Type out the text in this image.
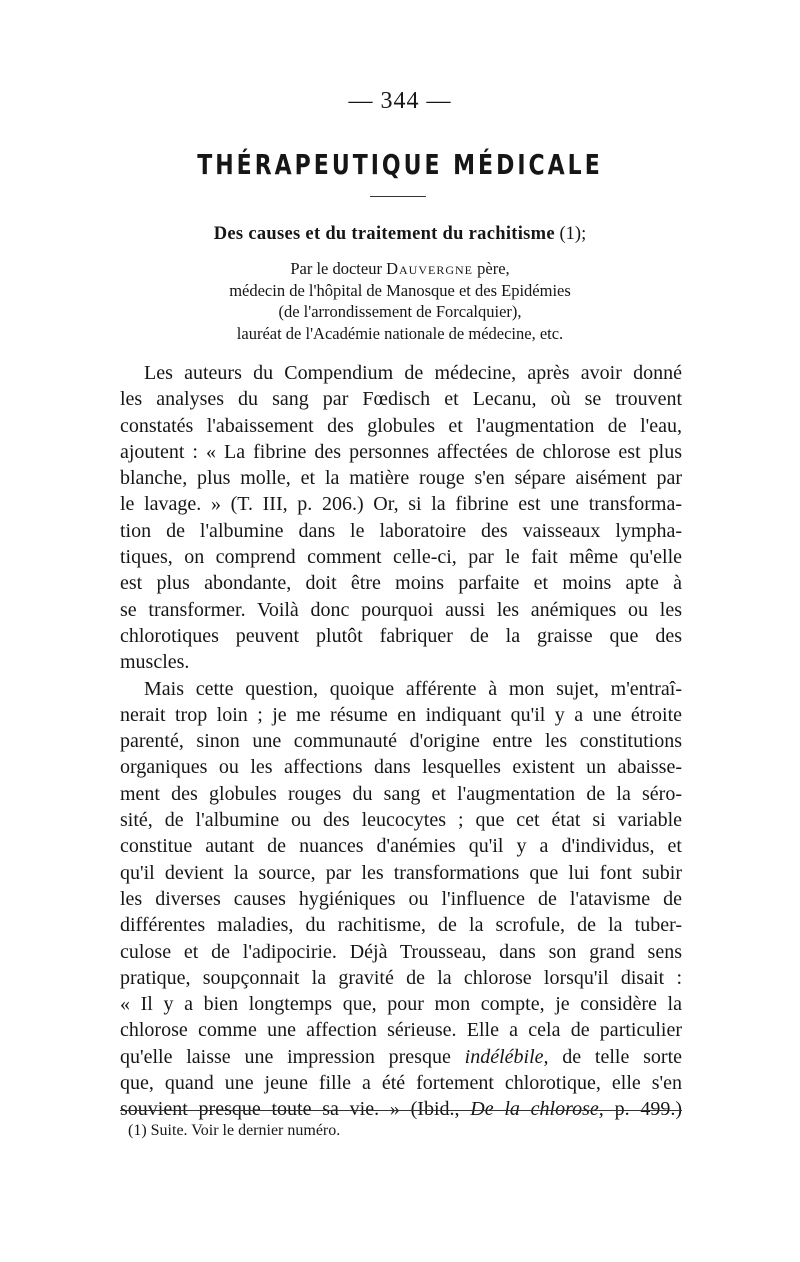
— 344 —
THÉRAPEUTIQUE MÉDICALE
Des causes et du traitement du rachitisme (1);
Par le docteur Dauvergne père,
médecin de l'hôpital de Manosque et des Epidémies
(de l'arrondissement de Forcalquier),
lauréat de l'Académie nationale de médecine, etc.
Les auteurs du Compendium de médecine, après avoir donné
les analyses du sang par Fœdisch et Lecanu, où se trouvent
constatés l'abaissement des globules et l'augmentation de l'eau,
ajoutent : « La fibrine des personnes affectées de chlorose est plus
blanche, plus molle, et la matière rouge s'en sépare aisément par
le lavage. » (T. III, p. 206.) Or, si la fibrine est une transforma-
tion de l'albumine dans le laboratoire des vaisseaux lympha-
tiques, on comprend comment celle-ci, par le fait même qu'elle
est plus abondante, doit être moins parfaite et moins apte à
se transformer. Voilà donc pourquoi aussi les anémiques ou les
chlorotiques peuvent plutôt fabriquer de la graisse que des
muscles.
Mais cette question, quoique afférente à mon sujet, m'entraî-
nerait trop loin ; je me résume en indiquant qu'il y a une étroite
parenté, sinon une communauté d'origine entre les constitutions
organiques ou les affections dans lesquelles existent un abaisse-
ment des globules rouges du sang et l'augmentation de la séro-
sité, de l'albumine ou des leucocytes ; que cet état si variable
constitue autant de nuances d'anémies qu'il y a d'individus, et
qu'il devient la source, par les transformations que lui font subir
les diverses causes hygiéniques ou l'influence de l'atavisme de
différentes maladies, du rachitisme, de la scrofule, de la tuber-
culose et de l'adipocirie. Déjà Trousseau, dans son grand sens
pratique, soupçonnait la gravité de la chlorose lorsqu'il disait :
« Il y a bien longtemps que, pour mon compte, je considère la
chlorose comme une affection sérieuse. Elle a cela de particulier
qu'elle laisse une impression presque indélébile, de telle sorte
que, quand une jeune fille a été fortement chlorotique, elle s'en
souvient presque toute sa vie. » (Ibid., De la chlorose, p. 499.)
(1) Suite. Voir le dernier numéro.
